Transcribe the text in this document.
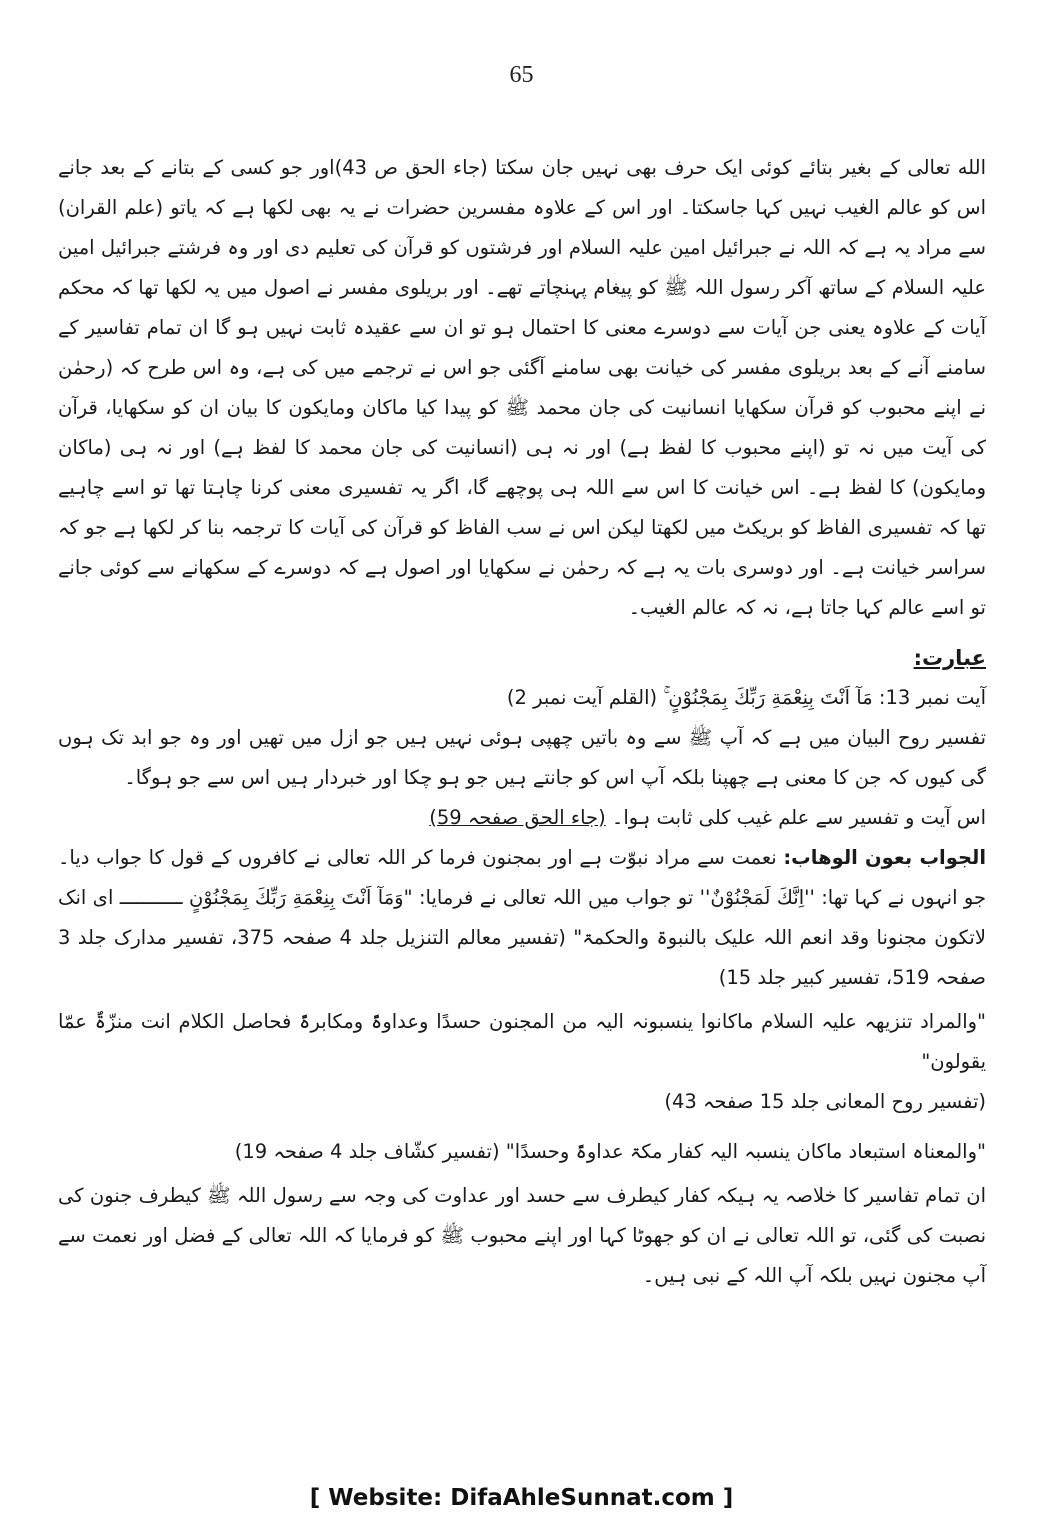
65

الله تعالی کے بغیر بتائے کوئی ایک حرف بھی نہیں جان سکتا (جاء الحق ص 43)اور جو کسی کے بتانے کے بعد جانے اس کو عالم الغیب نہیں کہا جاسکتا۔ اور اس کے علاوہ مفسرین حضرات نے یہ بھی لکھا ہے کہ یاتو (علم القران) سے مراد یہ ہے کہ اللہ نے جبرائیل امین علیہ السلام اور فرشتوں کو قرآن کی تعلیم دی اور وہ فرشتے جبرائیل امین علیہ السلام کے ساتھ آکر رسول اللہ ﷺ کو پیغام پہنچاتے تھے۔ اور بریلوی مفسر نے اصول میں یہ لکھا تھا کہ محکم آیات کے علاوہ یعنی جن آیات سے دوسرے معنی کا احتمال ہو تو ان سے عقیدہ ثابت نہیں ہو گا ان تمام تفاسیر کے سامنے آنے کے بعد بریلوی مفسر کی خیانت بھی سامنے آگئی جو اس نے ترجمے میں کی ہے، وہ اس طرح کہ (رحمٰن نے اپنے محبوب کو قرآن سکھایا انسانیت کی جان محمد ﷺ کو پیدا کیا ماکان ومایکون کا بیان ان کو سکھایا، قرآن کی آیت میں نہ تو (اپنے محبوب کا لفظ ہے) اور نہ ہی (انسانیت کی جان محمد کا لفظ ہے) اور نہ ہی (ماکان ومایکون) کا لفظ ہے۔ اس خیانت کا اس سے اللہ ہی پوچھے گا، اگر یہ تفسیری معنی کرنا چاہتا تھا تو اسے چاہیے تھا کہ تفسیری الفاظ کو بریکٹ میں لکھتا لیکن اس نے سب الفاظ کو قرآن کی آیات کا ترجمہ بنا کر لکھا ہے جو کہ سراسر خیانت ہے۔ اور دوسری بات یہ ہے کہ رحمٰن نے سکھایا اور اصول ہے کہ دوسرے کے سکھانے سے کوئی جانے تو اسے عالم کہا جاتا ہے، نہ کہ عالم الغیب۔

عبارت:

آیت نمبر 13: مَآ اَنْتَ بِنِعْمَةِ رَبِّكَ بِمَجْنُوْنٍ ۚ (القلم آیت نمبر 2)

تفسیر روح البیان میں ہے کہ آپ ﷺ سے وہ باتیں چھپی ہوئی نہیں ہیں جو ازل میں تھیں اور وہ جو ابد تک ہوں گی کیوں کہ جن کا معنی ہے چھپنا بلکہ آپ اس کو جانتے ہیں جو ہو چکا اور خبردار ہیں اس سے جو ہوگا۔

اس آیت و تفسیر سے علم غیب کلی ثابت ہوا۔ (جاء الحق صفحہ 59)

الجواب بعون الوھاب: نعمت سے مراد نبوّت ہے اور بمجنون فرما کر اللہ تعالی نے کافروں کے قول کا جواب دیا۔ جو انہوں نے کہا تھا: ''اِنَّكَ لَمَجْنُوْنٌ'' تو جواب میں اللہ تعالی نے فرمایا: "وَمَآ اَنْتَ بِنِعْمَةِ رَبِّكَ بِمَجْنُوْنٍ ـــــــــــ ای انک لاتکون مجنونا وقد انعم اللہ علیک بالنبوۃ والحکمۃ" (تفسیر معالم التنزیل جلد 4 صفحہ 375، تفسیر مدارک جلد 3 صفحہ 519، تفسیر کبیر جلد 15)

"والمراد تنزیھہ علیہ السلام ماکانوا ینسبونہ الیہ من المجنون حسدًا وعداوۃً ومکابرۃً فحاصل الکلام انت منزّۃٌ عمّا یقولون"

(تفسیر روح المعانی جلد 15 صفحہ 43)

"والمعناہ استبعاد ماکان ینسبہ الیہ کفار مکۃ عداوۃً وحسدًا" (تفسیر کشّاف جلد 4 صفحہ 19)

ان تمام تفاسیر کا خلاصہ یہ ہیکہ کفار کیطرف سے حسد اور عداوت کی وجہ سے رسول اللہ ﷺ کیطرف جنون کی نصبت کی گئی، تو اللہ تعالی نے ان کو جھوٹا کہا اور اپنے محبوب ﷺ کو فرمایا کہ اللہ تعالی کے فضل اور نعمت سے آپ مجنون نہیں بلکہ آپ اللہ کے نبی ہیں۔

[ Website: DifaAhleSunnat.com ]
